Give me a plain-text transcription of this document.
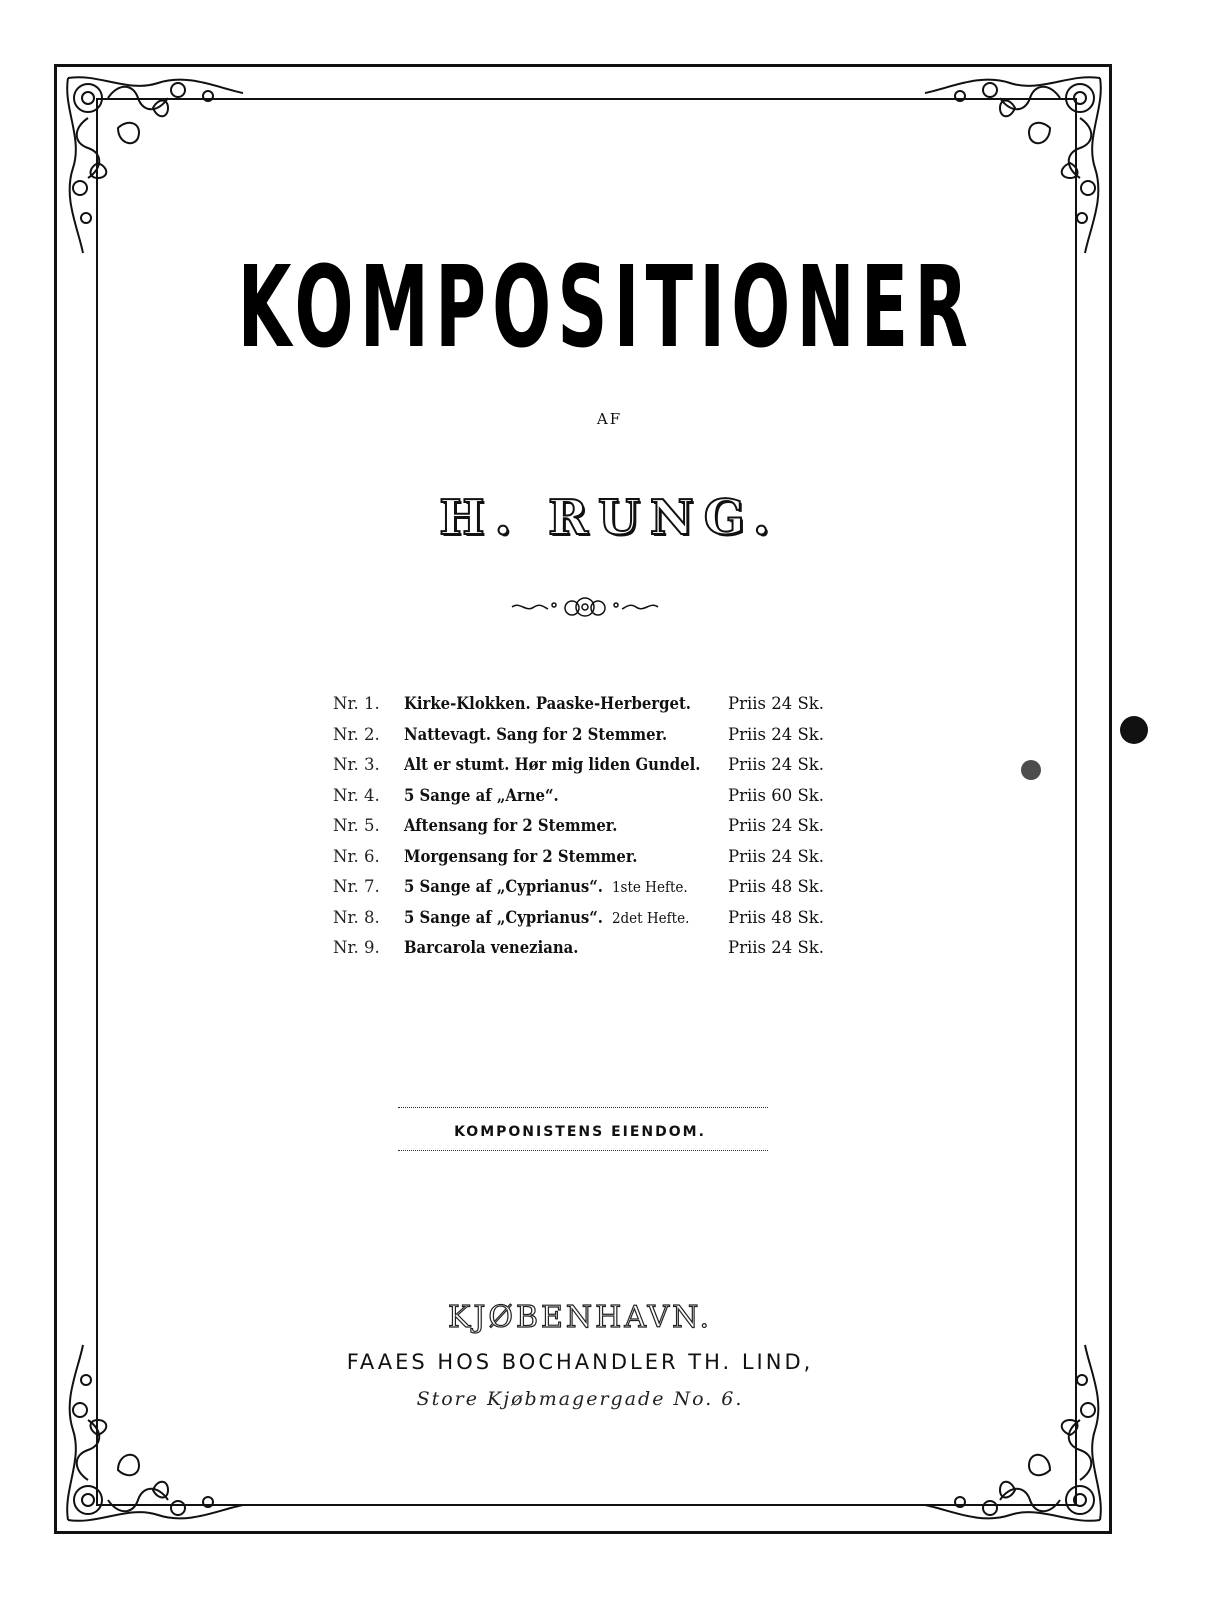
KOMPOSITIONER
AF
H. RUNG.
Nr. 1. Kirke-Klokken. Paaske-Herberget. Priis 24 Sk.
Nr. 2. Nattevagt. Sang for 2 Stemmer.	Priis 24 Sk.
Nr. 3. Alt er stumt. Hør mig liden Gundel. Priis 24 Sk.
Nr. 4. 5 Sange af „Arne“.	Priis 60 Sk.
Nr. 5. Aftensang for 2 Stemmer.	Priis 24 Sk.
Nr. 6. Morgensang for 2 Stemmer.	Priis 24 Sk.
Nr. 7. 5 Sange af „Cyprianus“. 1ste Hefte. Priis 48 Sk.
Nr. 8. 5 Sange af „Cyprianus“. 2det Hefte. Priis 48 Sk.
Nr. 9. Barcarola veneziana.	Priis 24 Sk.
KOMPONISTENS EIENDOM.
KJØBENHAVN.
FAAES HOS BOCHANDLER TH. LIND,
Store Kjøbmagergade No. 6.
